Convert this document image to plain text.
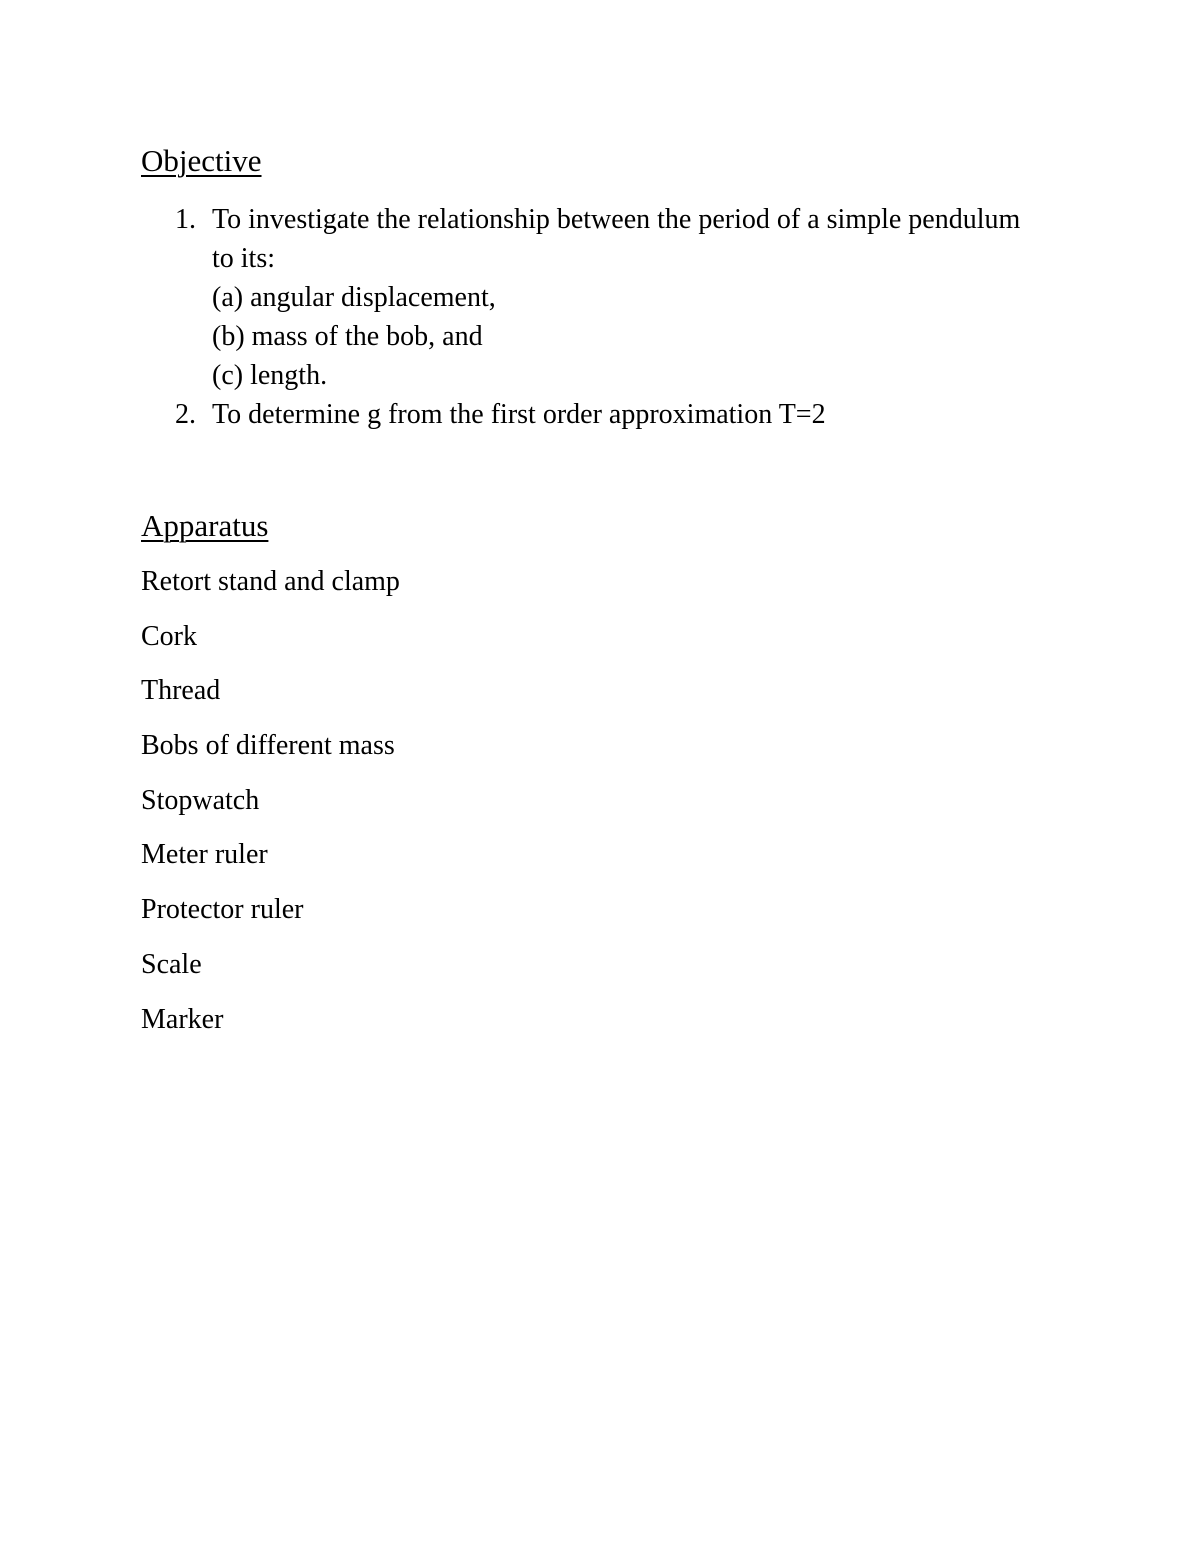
Objective
1. To investigate the relationship between the period of a simple pendulum to its:
(a) angular displacement,
(b) mass of the bob, and
(c) length.
2. To determine g from the first order approximation T=2
Apparatus
Retort stand and clamp
Cork
Thread
Bobs of different mass
Stopwatch
Meter ruler
Protector ruler
Scale
Marker
